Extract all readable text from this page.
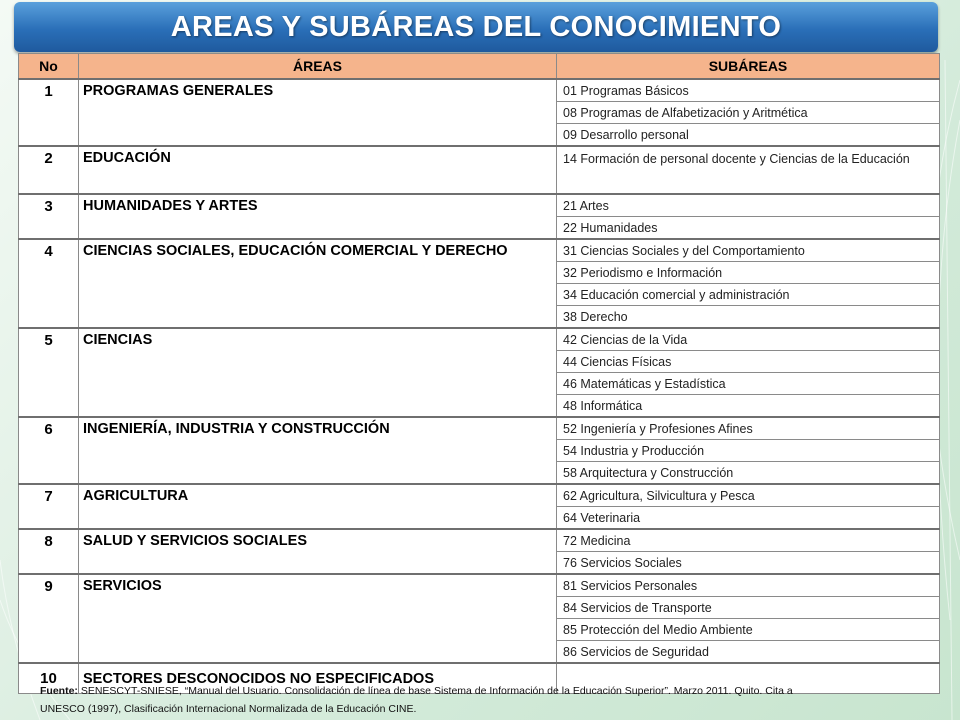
AREAS Y SUBÁREAS DEL CONOCIMIENTO
No	ÁREAS	SUBÁREAS
1	PROGRAMAS GENERALES	01 Programas Básicos
		08 Programas de Alfabetización y Aritmética
		09 Desarrollo personal
2	EDUCACIÓN	14 Formación de personal docente y Ciencias de la Educación
3	HUMANIDADES Y ARTES	21 Artes
		22 Humanidades
4	CIENCIAS SOCIALES, EDUCACIÓN COMERCIAL Y DERECHO	31 Ciencias Sociales y del Comportamiento
		32 Periodismo e Información
		34 Educación comercial y administración
		38 Derecho
5	CIENCIAS	42 Ciencias de la Vida
		44 Ciencias Físicas
		46 Matemáticas y Estadística
		48 Informática
6	INGENIERÍA, INDUSTRIA Y CONSTRUCCIÓN	52 Ingeniería y Profesiones Afines
		54 Industria y Producción
		58 Arquitectura y Construcción
7	AGRICULTURA	62 Agricultura, Silvicultura y Pesca
		64 Veterinaria
8	SALUD Y SERVICIOS SOCIALES	72 Medicina
		76 Servicios Sociales
9	SERVICIOS	81 Servicios Personales
		84 Servicios de Transporte
		85 Protección del Medio Ambiente
		86 Servicios de Seguridad
10	SECTORES DESCONOCIDOS NO ESPECIFICADOS	
Fuente: SENESCYT-SNIESE, “Manual del Usuario. Consolidación de línea de base Sistema de Información de la Educación Superior”. Marzo 2011. Quito. Cita a
UNESCO (1997), Clasificación Internacional Normalizada de la Educación CINE.
